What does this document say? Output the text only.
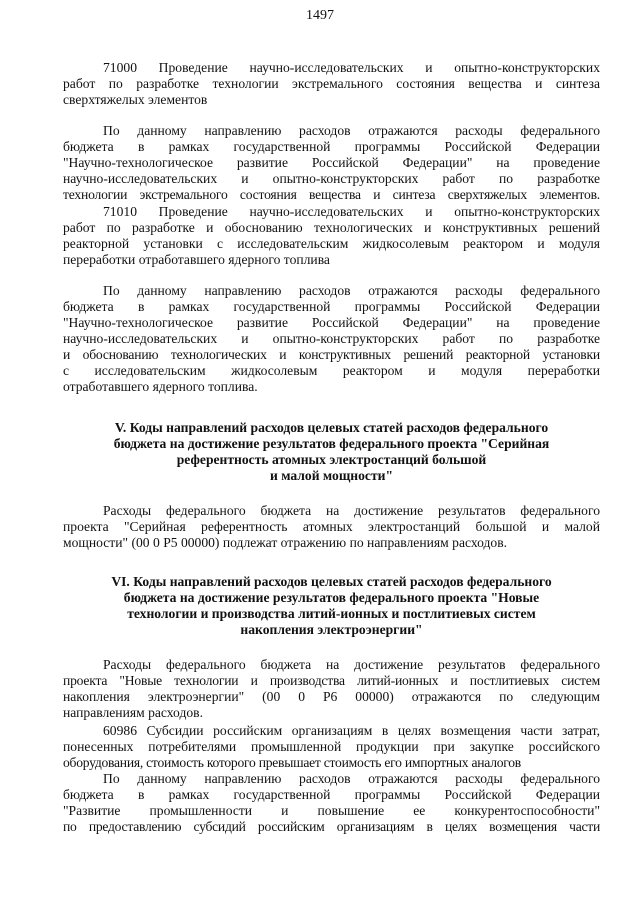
1497
71000 Проведение научно-исследовательских и опытно-конструкторских
работ по разработке технологии экстремального состояния вещества и синтеза
сверхтяжелых элементов
По данному направлению расходов отражаются расходы федерального
бюджета в рамках государственной программы Российской Федерации
"Научно-технологическое развитие Российской Федерации" на проведение
научно-исследовательских и опытно-конструкторских работ по разработке
технологии экстремального состояния вещества и синтеза сверхтяжелых элементов.
71010 Проведение научно-исследовательских и опытно-конструкторских
работ по разработке и обоснованию технологических и конструктивных решений
реакторной установки с исследовательским жидкосолевым реактором и модуля
переработки отработавшего ядерного топлива
По данному направлению расходов отражаются расходы федерального
бюджета в рамках государственной программы Российской Федерации
"Научно-технологическое развитие Российской Федерации" на проведение
научно-исследовательских и опытно-конструкторских работ по разработке
и обоснованию технологических и конструктивных решений реакторной установки
с исследовательским жидкосолевым реактором и модуля переработки
отработавшего ядерного топлива.
V. Коды направлений расходов целевых статей расходов федерального
бюджета на достижение результатов федерального проекта "Серийная
референтность атомных электростанций большой
и малой мощности"
Расходы федерального бюджета на достижение результатов федерального
проекта "Серийная референтность атомных электростанций большой и малой
мощности" (00 0 Р5 00000) подлежат отражению по направлениям расходов.
VI. Коды направлений расходов целевых статей расходов федерального
бюджета на достижение результатов федерального проекта "Новые
технологии и производства литий-ионных и постлитиевых систем
накопления электроэнергии"
Расходы федерального бюджета на достижение результатов федерального
проекта "Новые технологии и производства литий-ионных и постлитиевых систем
накопления электроэнергии" (00 0 Р6 00000) отражаются по следующим
направлениям расходов.
60986 Субсидии российским организациям в целях возмещения части затрат,
понесенных потребителями промышленной продукции при закупке российского
оборудования, стоимость которого превышает стоимость его импортных аналогов
По данному направлению расходов отражаются расходы федерального
бюджета в рамках государственной программы Российской Федерации
"Развитие промышленности и повышение ее конкурентоспособности"
по предоставлению субсидий российским организациям в целях возмещения части
